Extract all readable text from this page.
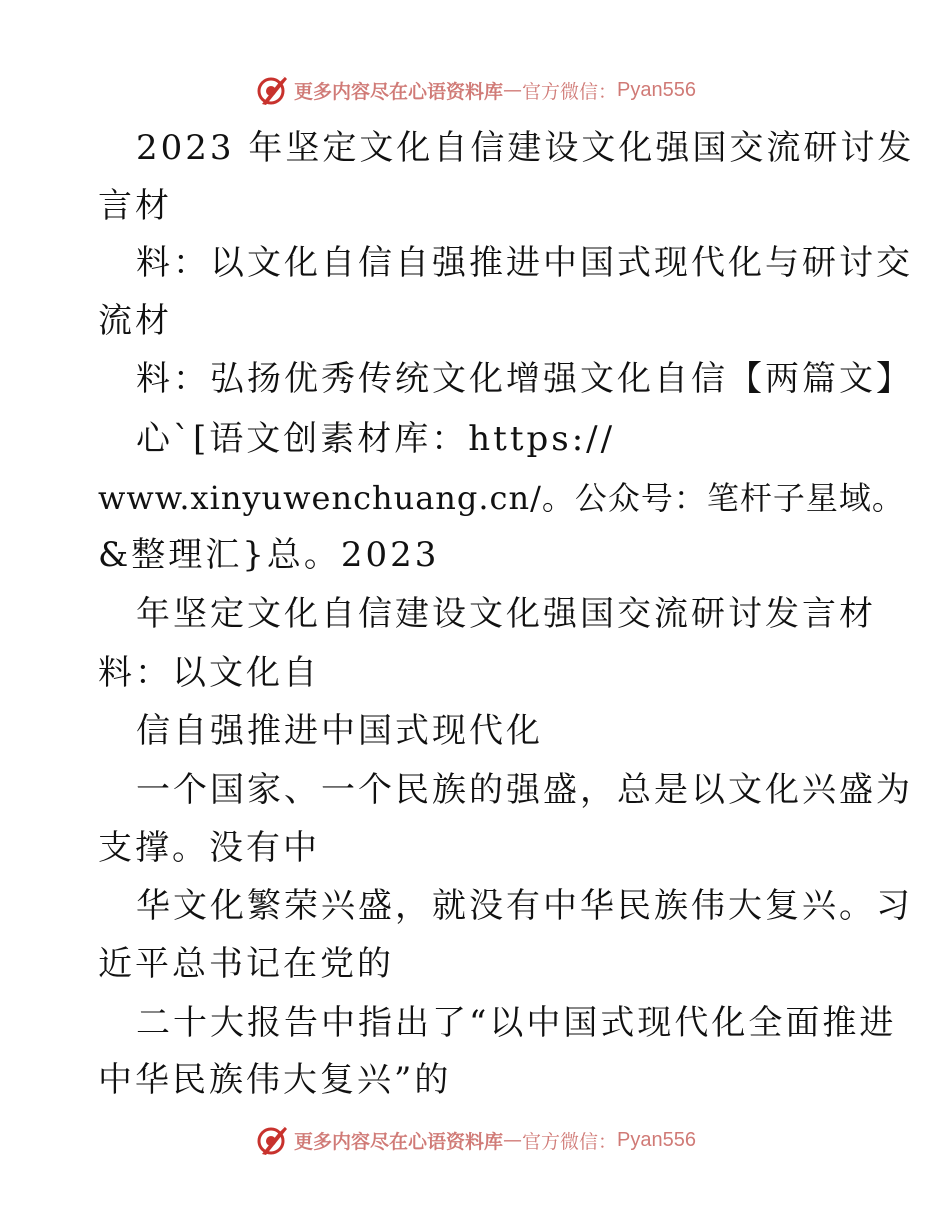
更多内容尽在心语资料库 — 官方微信： Pyan556
2023 年坚定文化自信建设文化强国交流研讨发
言材
料：以文化自信自强推进中国式现代化与研讨交
流材
料：弘扬优秀传统文化增强文化自信【两篇文】
心`[语文创素材库：https://
www.xinyuwenchuang.cn/。公众号：笔杆子星域。
&整理汇}总。2023
年坚定文化自信建设文化强国交流研讨发言材
料：以文化自
信自强推进中国式现代化
一个国家、一个民族的强盛，总是以文化兴盛为
支撑。没有中
华文化繁荣兴盛，就没有中华民族伟大复兴。习
近平总书记在党的
二十大报告中指出了“以中国式现代化全面推进
中华民族伟大复兴”的
更多内容尽在心语资料库 — 官方微信： Pyan556
